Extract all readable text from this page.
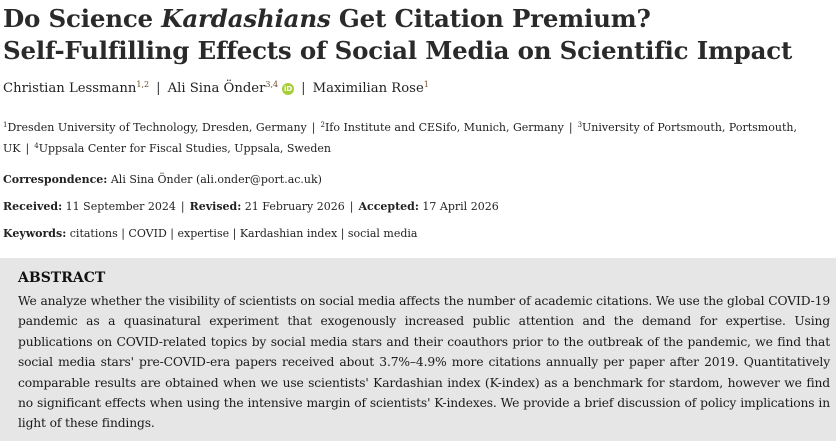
Do Science Kardashians Get Citation Premium?
Self-Fulfilling Effects of Social Media on Scientific Impact
Christian Lessmann$^{1,2}$ | Ali Sina Önder$^{3,4}$ iD | Maximilian Rose$^1$
$^1$Dresden University of Technology, Dresden, Germany | $^2$Ifo Institute and CESifo, Munich, Germany | $^3$University of Portsmouth, Portsmouth, UK | $^4$Uppsala Center for Fiscal Studies, Uppsala, Sweden
Correspondence: Ali Sina Önder (ali.onder@port.ac.uk)
Received: 11 September 2024 | Revised: 21 February 2026 | Accepted: 17 April 2026
Keywords: citations | COVID | expertise | Kardashian index | social media
ABSTRACT
We analyze whether the visibility of scientists on social media affects the number of academic citations. We use the global COVID-19 pandemic as a quasinatural experiment that exogenously increased public attention and the demand for expertise. Using publications on COVID-related topics by social media stars and their coauthors prior to the outbreak of the pandemic, we find that social media stars' pre-COVID-era papers received about 3.7%–4.9% more citations annually per paper after 2019. Quantitatively comparable results are obtained when we use scientists' Kardashian index (K-index) as a benchmark for stardom, however we find no significant effects when using the intensive margin of scientists' K-indexes. We provide a brief discussion of policy implications in light of these findings.
